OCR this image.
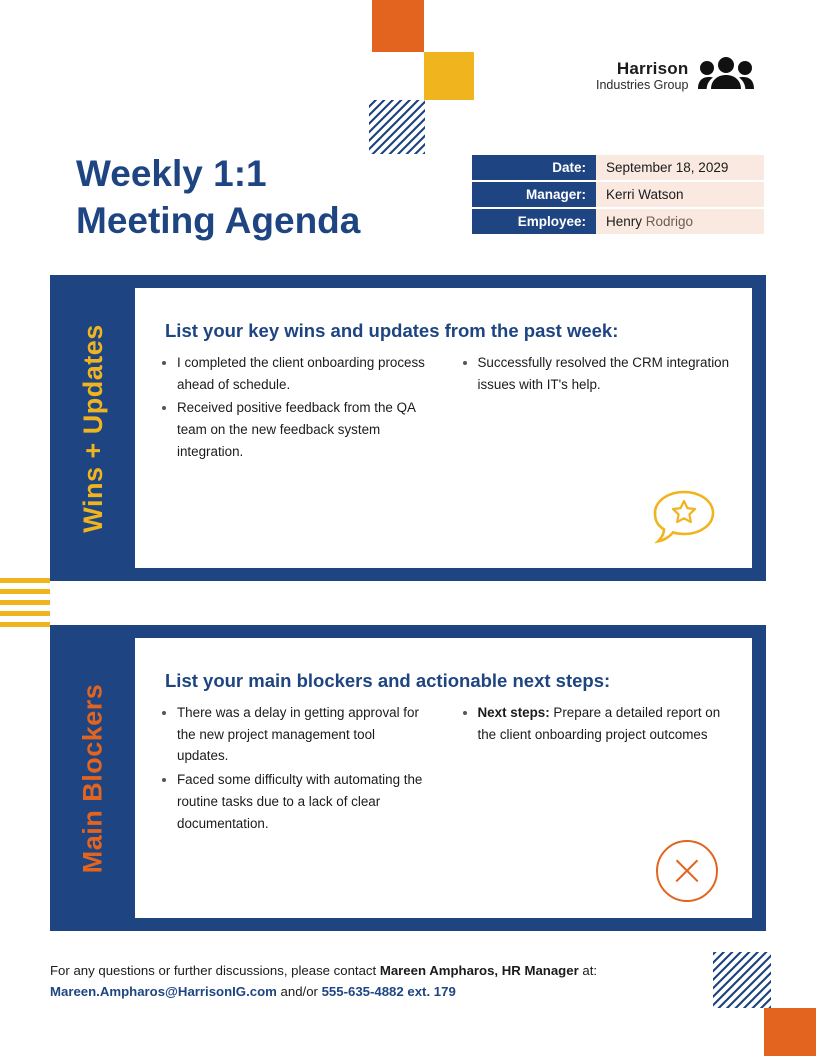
Harrison
Industries Group
Weekly 1:1
Meeting Agenda
Date:	September 18, 2029
Manager:	Kerri Watson
Employee:	Henry Rodrigo
Wins + Updates	List your key wins and updates from the past week:
• I completed the client onboarding process ahead of schedule.
• Received positive feedback from the QA team on the new feedback system integration.
• Successfully resolved the CRM integration issues with IT's help.
Main Blockers
List your main blockers and actionable next steps:
• There was a delay in getting approval for the new project management tool updates.
• Faced some difficulty with automating the routine tasks due to a lack of clear documentation.
• Next steps: Prepare a detailed report on the client onboarding project outcomes
For any questions or further discussions, please contact Mareen Ampharos, HR Manager at:
Mareen.Ampharos@HarrisonIG.com and/or 555-635-4882 ext. 179
